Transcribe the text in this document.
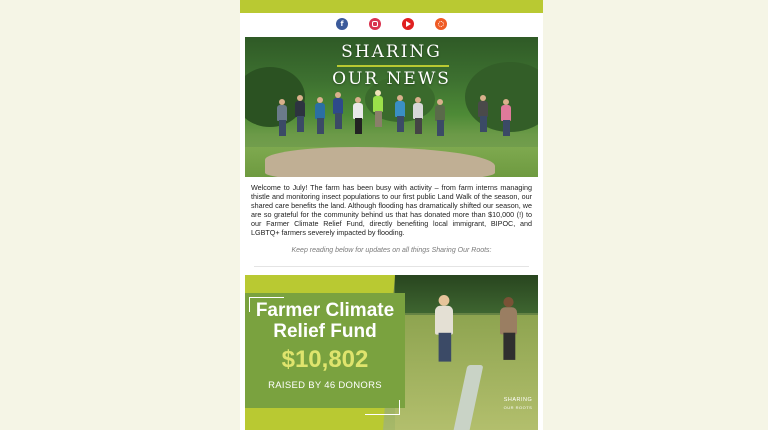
f
SHARING
OUR NEWS
Welcome to July! The farm has been busy with activity – from farm interns managing thistle and monitoring insect populations to our first public Land Walk of the season, our shared care benefits the land. Although flooding has dramatically shifted our season, we are so grateful for the community behind us that has donated more than $10,000 (!) to our Farmer Climate Relief Fund, directly benefiting local immigrant, BIPOC, and LGBTQ+ farmers severely impacted by flooding.
Keep reading below for updates on all things Sharing Our Roots:
Farmer Climate Relief Fund
$10,802
RAISED BY 46 DONORS
SHARING
OUR ROOTS
